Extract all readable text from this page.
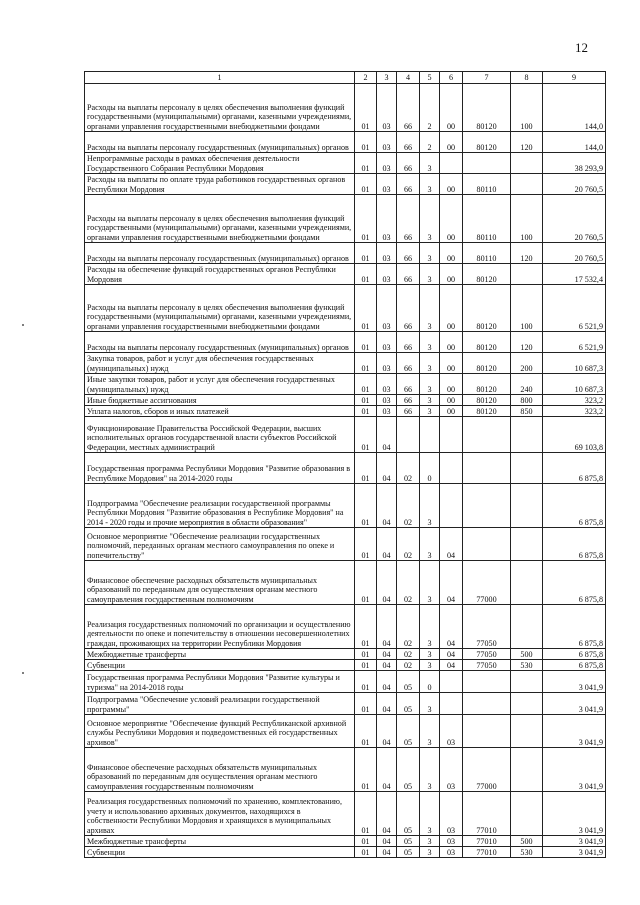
12
1	2	3	4	5	6	7	8	9
Расходы на выплаты персоналу в целях обеспечения выполнения функций государственными (муниципальными) органами, казенными учреждениями, органами управления государственными внебюджетными фондами	01	03	66	2	00	80120	100	144,0
Расходы на выплаты персоналу государственных (муниципальных) органов	01	03	66	2	00	80120	120	144,0
Непрограммные расходы в рамках обеспечения деятельности Государственного Собрания Республики Мордовия	01	03	66	3				38 293,9
Расходы на выплаты по оплате труда работников государственных органов Республики Мордовия	01	03	66	3	00	80110		20 760,5
Расходы на выплаты персоналу в целях обеспечения выполнения функций государственными (муниципальными) органами, казенными учреждениями, органами управления государственными внебюджетными фондами	01	03	66	3	00	80110	100	20 760,5
Расходы на выплаты персоналу государственных (муниципальных) органов	01	03	66	3	00	80110	120	20 760,5
Расходы на обеспечение функций государственных органов Республики Мордовия	01	03	66	3	00	80120		17 532,4
Расходы на выплаты персоналу в целях обеспечения выполнения функций государственными (муниципальными) органами, казенными учреждениями, органами управления государственными внебюджетными фондами	01	03	66	3	00	80120	100	6 521,9
Расходы на выплаты персоналу государственных (муниципальных) органов	01	03	66	3	00	80120	120	6 521,9
Закупка товаров, работ и услуг для обеспечения государственных (муниципальных) нужд	01	03	66	3	00	80120	200	10 687,3
Иные закупки товаров, работ и услуг для обеспечения государственных (муниципальных) нужд	01	03	66	3	00	80120	240	10 687,3
Иные бюджетные ассигнования	01	03	66	3	00	80120	800	323,2
Уплата налогов, сборов и иных платежей	01	03	66	3	00	80120	850	323,2
Функционирование Правительства Российской Федерации, высших исполнительных органов государственной власти субъектов Российской Федерации, местных администраций	01	04						69 103,8
Государственная программа Республики Мордовия "Развитие образования в Республике Мордовия" на 2014-2020 годы	01	04	02	0				6 875,8
Подпрограмма "Обеспечение реализации государственной программы Республики Мордовия "Развитие образования в Республике Мордовия" на 2014 - 2020 годы и прочие мероприятия в области образования"	01	04	02	3				6 875,8
Основное мероприятие "Обеспечение реализации государственных полномочий, переданных органам местного самоуправления по опеке и попечительству"	01	04	02	3	04			6 875,8
Финансовое обеспечение расходных обязательств муниципальных образований по переданным для осуществления органам местного самоуправления государственным полномочиям	01	04	02	3	04	77000		6 875,8
Реализация государственных полномочий по организации и осуществлению деятельности по опеке и попечительству в отношении несовершеннолетних граждан, проживающих на территории Республики Мордовия	01	04	02	3	04	77050		6 875,8
Межбюджетные трансферты	01	04	02	3	04	77050	500	6 875,8
Субвенции	01	04	02	3	04	77050	530	6 875,8
Государственная программа Республики Мордовия "Развитие культуры и туризма" на 2014-2018 годы	01	04	05	0				3 041,9
Подпрограмма "Обеспечение условий реализации государственной программы"	01	04	05	3				3 041,9
Основное мероприятие "Обеспечение функций Республиканской архивной службы Республики Мордовия и подведомственных ей государственных архивов"	01	04	05	3	03			3 041,9
Финансовое обеспечение расходных обязательств муниципальных образований по переданным для осуществления органам местного самоуправления государственным полномочиям	01	04	05	3	03	77000		3 041,9
Реализация государственных полномочий по хранению, комплектованию, учету и использованию архивных документов, находящихся в собственности Республики Мордовия и хранящихся в муниципальных архивах	01	04	05	3	03	77010		3 041,9
Межбюджетные трансферты	01	04	05	3	03	77010	500	3 041,9
Субвенции	01	04	05	3	03	77010	530	3 041,9
